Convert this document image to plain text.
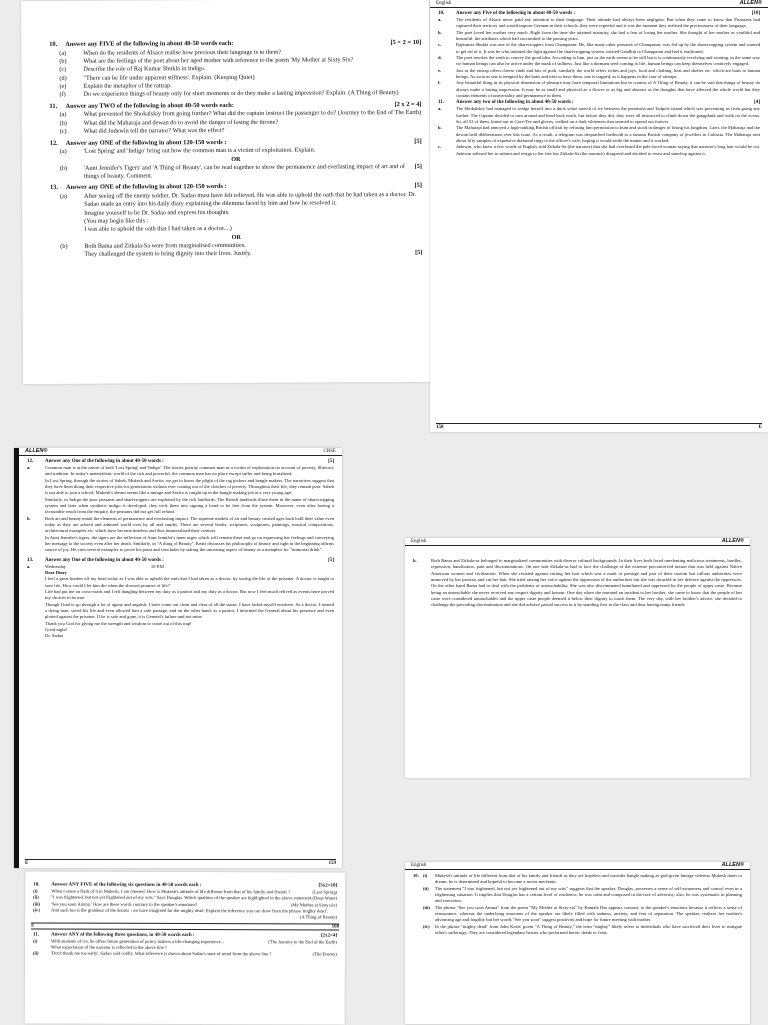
10.	Answer any FIVE of the following in about 40-50 words each:	[5 × 2 = 10]
(a)	When do the residents of Alsace realise how precious their language is to them?
(b)	What are the feelings of the poet about her aged mother with reference to the poem 'My Mother at Sixty Six?
(c)	Describe the role of Raj Kumar Shukla in Indigo.
(d)	"There can be life under apparent stillness'. Explain. (Keeping Quiet)
(e)	Explain the metaphor of the rattrap.
(f)	Do we experience things of beauty only for short moments or do they make a lasting impression? Explain. (A Thing of Beauty)
11.	Answer any TWO of the following in about 40-50 words each:	[2 x 2 = 4]
(a)	What prevented the Shokalskiy from going further? What did the captain instruct the passenger to do? (Journey to the End of The Earth)
(b)	What did the Maharaja and dewan do to avoid the danger of losing the throne?
(c)	What did Judewin tell the narrator? What was the effect?
12.	Answer any ONE of the following in about 120-150 words :	[5]
(a)	'Lost Spring' and 'Indigo' bring out how the common man is a victim of exploitation. Explain.
OR
(b)	'Aunt Jennifer's Tigers' and 'A Thing of Beauty', can be read together to show the permanence and everlasting impact of art and of things of beauty. Comment.
[5]
13.	Answer any ONE of the following in about 120-150 words :	[5]
(a)	After seeing off the enemy soldier, Dr. Sadao must have felt relieved. He was able to uphold the oath that he had taken as a doctor. Dr. Sadao made an entry into his daily diary explaining the dilemma faced by him and how he resolved it.
Imagine yourself to be Dr. Sadao and express his thoughts.
(You may begin like this :
I was able to uphold the oath that I had taken as a doctor....)
OR
(b)	Both Bama and Zitkala-Sa were from marginalised communities.
They challenged the system to bring dignity into their lives. Justify.	[5]
English	ALLEN®
10.	Answer any Five of the following in about 40-50 words :	[10]
a.	The residents of Alsace never paid any attention to their language. Their attitude had always been negligent. But when they came to know that Prussians had captured their territory and would impose German in their schools, they were regretful and it was the moment they realised the preciousness of their language.
b.	The poet loved her mother very much. Right from the time she attained maturity, she had a fear of losing her mother. She thought of her mother as youthful and beautiful, the attributes which had succumbed to the passing years.
c.	Rajkumar Shukla was one of the sharecroppers from Champaran. He, like many other peasants of Champaran, was fed up by the sharecropping system and wanted to get rid of it. It was he who initiated the fight against the sharecropping system, invited Gandhiji to Champaran and had it eradicated.
d.	The poet invokes the earth to convey the good idea. According to him, just as the earth seems to be still but it is continuously revolving and rotating, in the same way we human beings can also be active under the mask of stillness. Just like a dormant seed coming to life, human beings can keep themselves creatively engaged.
e.	Just as the rattrap offers cheese rinds and bits of pork, similarly the world offers riches and joys, food and clothing, heat and shelter etc. which are baits to human beings. As soon as one is tempted by the baits and tries to have them, one is trapped, as it happens in the case of rattraps.
f.	Any beautiful thing in its physical dimension of pleasure may have temporal limitations but in context of A Thing of Beauty, it can be said that things of beauty do always make a lasting impression. It may be as small and physical as a flower or as big and abstract as the thoughts that have affected the whole world but they contain elements of universality and permanence in them.
11.	Answer any two of the following in about 40-50 words :	[4]
a.	The Shokalskiy had managed to wedge herself into a thick white stretch of ice between the peninsula and Tadpole island which was preventing us from going any further. The Captain decided to turn around and head back north, but before they did, they were all instructed to climb down the gangplank and walk on the ocean. So, all 52 of them, kitted out in Gore-Tex and gloves, walked on a dark whiteness that seemed to spread out forever.
b.	The Maharaja had annoyed a high-ranking British official by refusing him permission to hunt and stood in danger of losing his kingdom. Later, the Maharaja and the dewan held deliberations over this issue. As a result, a telegram was despatched forthwith to a famous British company of jewellers in Calcutta. The Maharaja sent about fifty samples of expensive diamond rings to the officer's wife, hoping it would settle the matter and it worked.
c.	Judewin, who knew a few words of English, told Zitkala-Sa (the narrator) that she had overheard the pale-faced woman saying that narrator's long hair would be cut. Judewin advised her to submit and resign to her fate but Zitkala-Sa (the narrator) disagreed and decided to resist and stand-up against it.
158	E
ALLEN®	CBSE
12.	Answer any One of the following in about 40-50 words :	[5]
a.	Common man is at the centre of both 'Lost Spring' and 'Indigo'. The stories portray common man as a victim of exploitation on account of poverty, illiteracy and tradition. In today's materialistic world of the rich and powerful, the common man has no place except suffer and being brutalized.
In Lost Spring, through the stories of Saheb, Mukesh and Savita, we get to know the plight of the rag pickers and bangle makers. The narratives suggest that they have been doing their respective jobs for generations without ever coming out of the clutches of poverty. Throughout their life, they remain poor. Saheb is not able to join a school; Mukesh's dream seems like a mirage and Savita is caught up in the bangle making job at a very young age.
Similarly, in Indigo the poor peasants and sharecroppers are exploited by the rich landlords. The British landlords illuse them in the name of sharecropping system and later when synthetic indigo is developed, they trick them into signing a bond to be free from the system. Moreover, even after having a favourable result from the enquiry, the peasants did not get full refund.
b.	Both art and beauty entail the elements of permanence and everlasting impact. The supreme models of art and beauty created ages back hold their value even today as they are adored and admired world over by all and sundry. There are several books, scriptures, sculptures, paintings, musical compositions, architectural examples etc. which have become timeless and thus immortalised their creators.
In Aunt Jennifer's tigers, the tigers are the reflection of Aunt Jennifer's inner urges which will remain there and go on expressing her feelings and conveying her message to the society even after her death. Similarly, in "A thing of Beauty", Keats discusses his philosophy of beauty and right in the beginning affirms source of joy. He cites several examples to prove his point and concludes by stating the unceasing aspect of beauty as a metaphor for "immortal drink".
13.	Answer any One of the following in about 40-50 words :	[5]
a.	Wednesday	10 P.M.
Dear Diary
I feel a great burden off my head today as I was able to uphold the oath that I had taken as a doctor, by saving the life of the prisoner. A doctor is taught to save life. How could I let him die when the showed promise of life?
Life had put me on cross-roads and I felt dangling between my duty as a patriot and my duty as a doctor. But now I feel much relived as events have proved my choices to be true.
Though I had to go through a lot of agony and anguish, I have come out clean and clear of all the stains. I have failed myself nowhere. As a doctor, I treated a dying man, saved his life and even allowed him a safe passage, and on the other hand, as a patriot, I informed the General about his presence and even plotted against the prisoner. If he is safe and gone, it is General's failure and not mine.
Thank you God for giving me the strength and wisdom to come out of this trap!
Good night!
Dr. Sadao
E	159
English	ALLEN®
b.	Both Bama and Zitkala-sa belonged to marginalized communities with diverse cultural backgrounds. In their lives both faced unrelenting malicious treatments, hurdles, repression, humiliation, pain and discriminations. On one side Zitkala-sa had to face the challenge of the extreme preconceived notion that was held against Native American women and civilization. When she resisted against cutting her hair which was a mark of prestige and part of their custom but callous authorities were unmoved by her protests and cut her hair. She tried raising her voice against the oppression of the authorities but she was dwarfed in her defence against the oppressors. On the other hand Bama had to deal with the problems of untouchability. She was also discriminated humiliated and oppressed by the people of upper caste. Because being an untouchable she never received any respect dignity and honour. One day when she narrated an incident to her brother, she came to know that the people of her caste were considered untouchables and the upper caste people deemed it below their dignity to touch them. The very day, with her brother's advice, she decided to challenge the prevailing discrimination and she did achieve partial success in it by standing first in the class and thus having many friends.
10.	Answer ANY FIVE of the following six questions in 40-50 words each :	[5x2=10]
(i)	When I sense a flash of it in Mukesh, I am cheered. How is Mukesh's attitude of life different from that of his family and friends ?	(Lost Spring)
(ii)	"I was frightened, but not yet frightened out of my wits." Says Douglas. Which qualities of the speaker are highlighted in the above statement. (Deep Water)
(iii)	'See you soon Amma.' How are these words contrary to the speaker's emotions?	(My Mother at Sixty-six)
(iv)	And such too is the grandeur of the dooms ; we have imagined for the mighty dead. Explain the inference you can draw from the phrase 'mighty dead'.
(A Thing of Beauty)
E	160
11.	Answer ANY of the following three questions, in 40-50 words each :	[2x2=4]
(i)	With students of ice, he offers future generation of policy makers a life-changing experience...	(The Journey to the End of the Earth)
What expectation of the narrator is reflected in the above line ?
(ii)	'Don't thank me too early'. Sadao said coldly. What inference is drawn about Sadao's state of mind from the above line ?	(The Enemy)
English	ALLEN®
10. (i)	Mukesh's attitude of life different from that of his family and friends as they are hopeless and consider bangle making as god-given lineage whereas Mukesh dares to dream, he is determined and hopeful to become a motor mechanic.
(ii)	The statement "I was frightened, but not yet frightened out of my wits" suggests that the speaker, Douglas, possesses a sense of self-awareness and control even in a frightening situation. It implies that Douglas has a certain level of resilience, he was calm and composed in the face of adversity, also, he was systematic in planning and execution.
(iii)	The phrase "See you soon Amma" from the poem "My Mother at Sixty-six" by Kamala Das appears contrary to the speaker's emotions because it reflects a sense of reassurance, whereas the underlying emotions of the speaker are likely filled with sadness, anxiety, and fear of separation. The speaker, realizes her mother's advancing age and fragility but her words "See you soon" suggest positivity and hope for future meeting with mother.
(iv)	In the phrase "mighty dead" from John Keats' poem "A Thing of Beauty," the term "mighty" likely refers to individuals who have sacrificed their lives to mitigate other's sufferings. They are considered legendary heroes who performed heroic deeds or feats.
